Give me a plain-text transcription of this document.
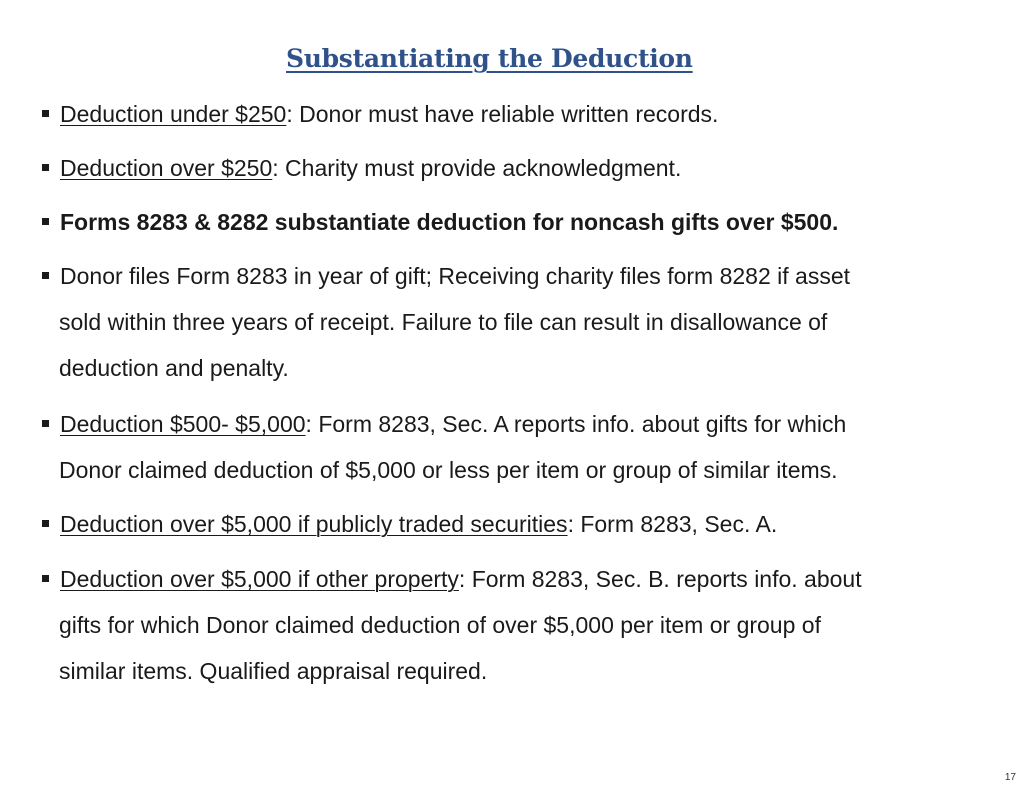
Substantiating the Deduction
Deduction under $250: Donor must have reliable written records.
Deduction over $250: Charity must provide acknowledgment.
Forms 8283 & 8282 substantiate deduction for noncash gifts over $500.
Donor files Form 8283 in year of gift; Receiving charity files form 8282 if asset
sold within three years of receipt. Failure to file can result in disallowance of
deduction and penalty.
Deduction $500- $5,000: Form 8283, Sec. A reports info. about gifts for which
Donor claimed deduction of $5,000 or less per item or group of similar items.
Deduction over $5,000 if publicly traded securities: Form 8283, Sec. A.
Deduction over $5,000 if other property: Form 8283, Sec. B. reports info. about
gifts for which Donor claimed deduction of over $5,000 per item or group of
similar items. Qualified appraisal required.
17
